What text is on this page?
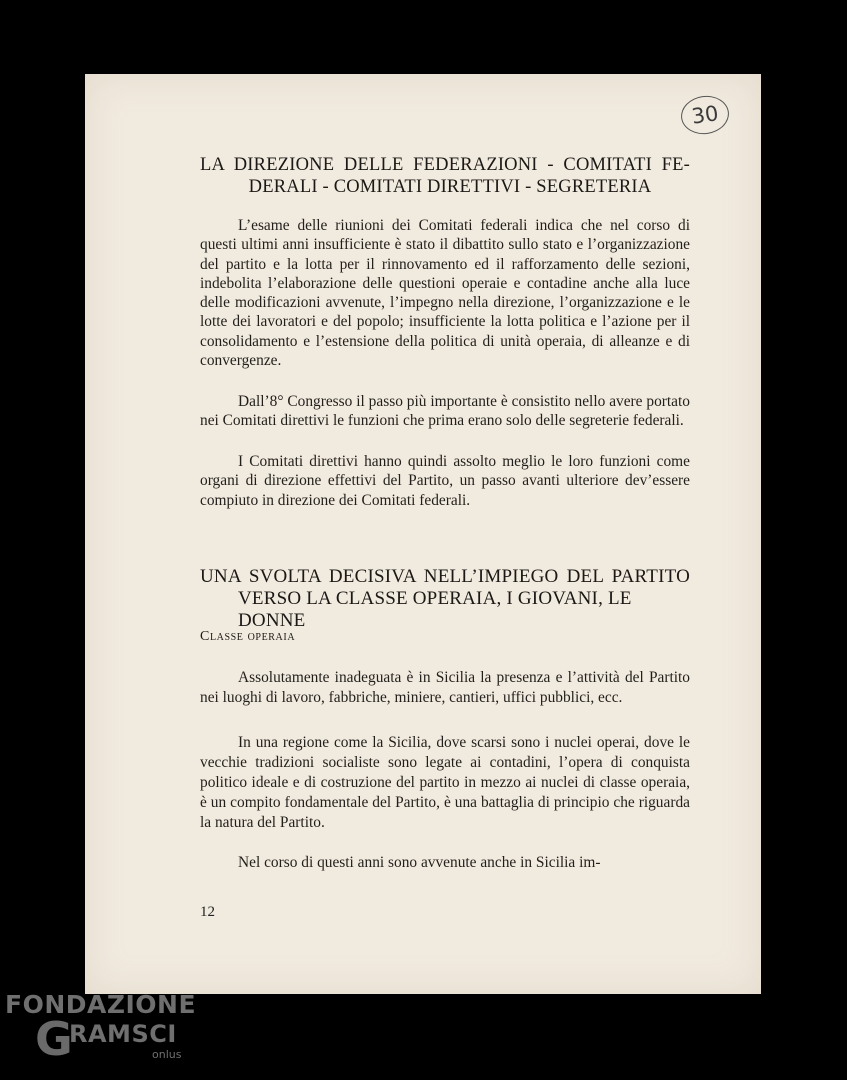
30
LA DIREZIONE DELLE FEDERAZIONI - COMITATI FE-
DERALI - COMITATI DIRETTIVI - SEGRETERIA

L’esame delle riunioni dei Comitati federali indica che nel corso di questi ultimi anni insufficiente è stato il dibattito sullo stato e l’organizzazione del partito e la lotta per il rinnovamento ed il rafforzamento delle sezioni, indebolita l’elaborazione delle questioni operaie e contadine anche alla luce delle modificazioni avvenute, l’impegno nella direzione, l’organizzazione e le lotte dei lavoratori e del popolo; insufficiente la lotta politica e l’azione per il consolidamento e l’estensione della politica di unità operaia, di alleanze e di convergenze.

Dall’8° Congresso il passo più importante è consistito nello avere portato nei Comitati direttivi le funzioni che prima erano solo delle segreterie federali.

I Comitati direttivi hanno quindi assolto meglio le loro funzioni come organi di direzione effettivi del Partito, un passo avanti ulteriore dev’essere compiuto in direzione dei Comitati federali.

UNA SVOLTA DECISIVA NELL’IMPIEGO DEL PARTITO
VERSO LA CLASSE OPERAIA, I GIOVANI, LE DONNE
Classe operaia

Assolutamente inadeguata è in Sicilia la presenza e l’attività del Partito nei luoghi di lavoro, fabbriche, miniere, cantieri, uffici pubblici, ecc.

In una regione come la Sicilia, dove scarsi sono i nuclei operai, dove le vecchie tradizioni socialiste sono legate ai contadini, l’opera di conquista politico ideale e di costruzione del partito in mezzo ai nuclei di classe operaia, è un compito fondamentale del Partito, è una battaglia di principio che riguarda la natura del Partito.

Nel corso di questi anni sono avvenute anche in Sicilia im-

12
FONDAZIONE
G
RAMSCI
onlus
